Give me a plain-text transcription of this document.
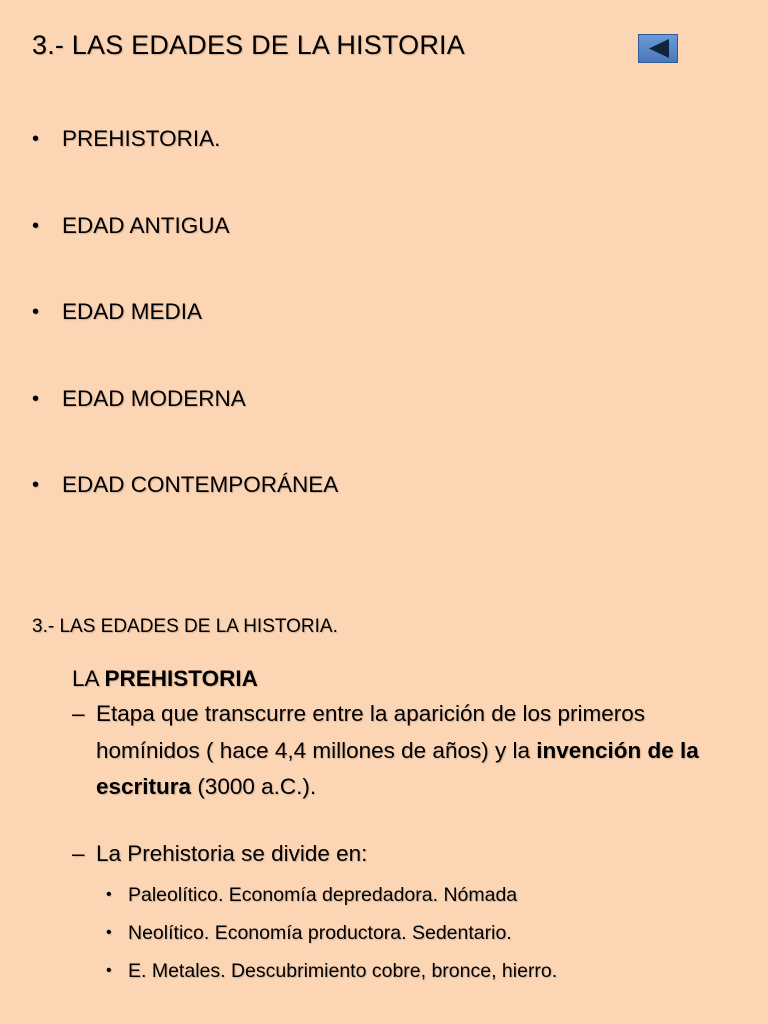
3.- LAS EDADES DE LA HISTORIA
•	PREHISTORIA.
•	EDAD ANTIGUA
•	EDAD MEDIA
•	EDAD MODERNA
•	EDAD CONTEMPORÁNEA
3.- LAS EDADES DE LA HISTORIA.
LA PREHISTORIA
– Etapa que transcurre entre la aparición de los primeros homínidos ( hace 4,4 millones de años) y la invención de la escritura (3000 a.C.).
– La Prehistoria se divide en:
• Paleolítico. Economía depredadora. Nómada
• Neolítico. Economía productora. Sedentario.
• E. Metales. Descubrimiento cobre, bronce, hierro.
